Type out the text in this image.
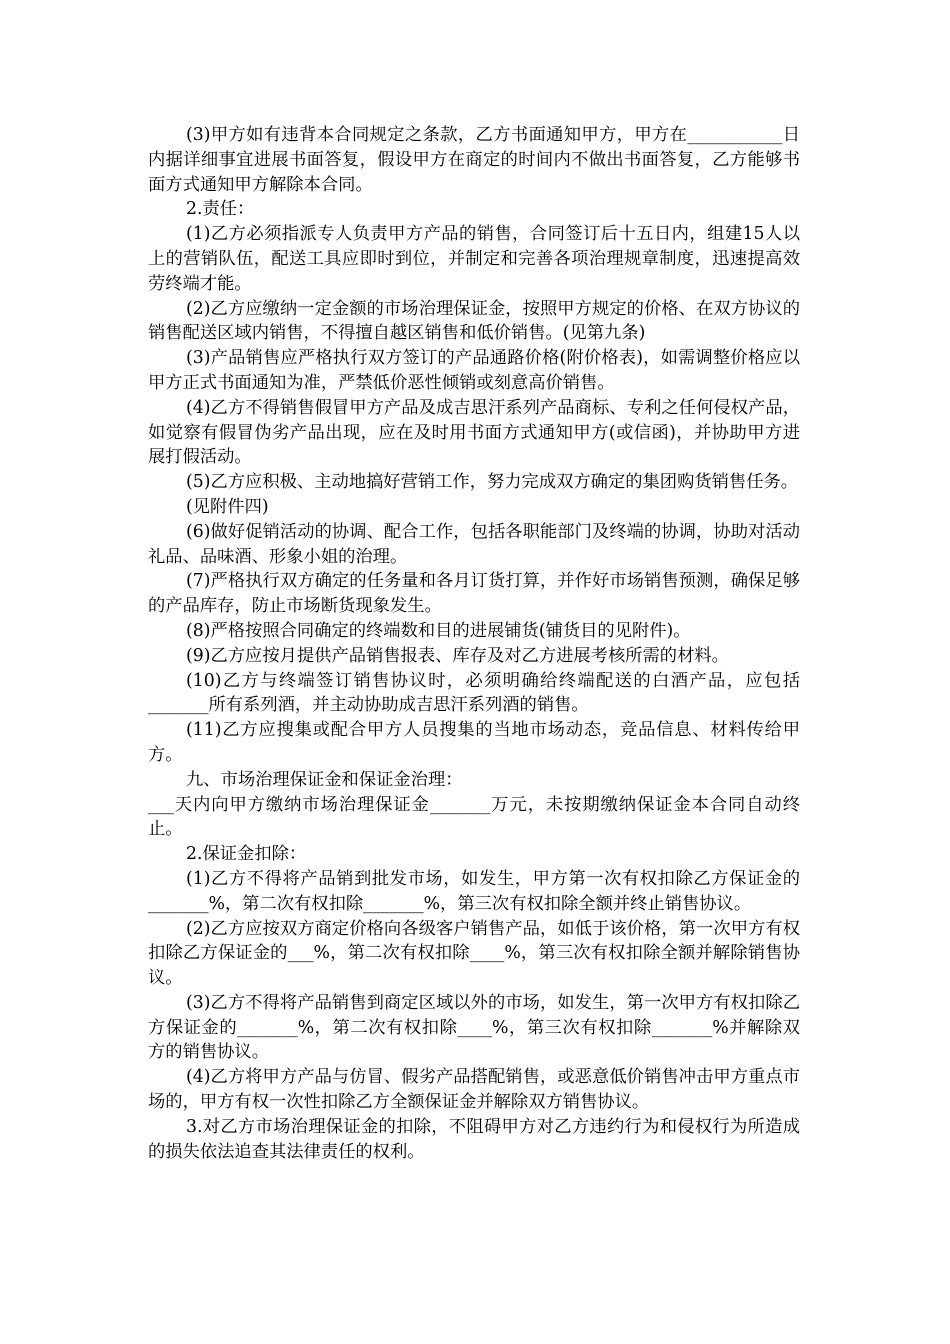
(3)甲方如有违背本合同规定之条款，乙方书面通知甲方，甲方在___________日内据详细事宜进展书面答复，假设甲方在商定的时间内不做出书面答复，乙方能够书面方式通知甲方解除本合同。

2.责任：

(1)乙方必须指派专人负责甲方产品的销售，合同签订后十五日内，组建15人以上的营销队伍，配送工具应即时到位，并制定和完善各项治理规章制度，迅速提高效劳终端才能。

(2)乙方应缴纳一定金额的市场治理保证金，按照甲方规定的价格、在双方协议的销售配送区域内销售，不得擅自越区销售和低价销售。(见第九条)

(3)产品销售应严格执行双方签订的产品通路价格(附价格表)，如需调整价格应以甲方正式书面通知为准，严禁低价恶性倾销或刻意高价销售。

(4)乙方不得销售假冒甲方产品及成吉思汗系列产品商标、专利之任何侵权产品，如觉察有假冒伪劣产品出现，应在及时用书面方式通知甲方(或信函)，并协助甲方进展打假活动。

(5)乙方应积极、主动地搞好营销工作，努力完成双方确定的集团购货销售任务。

(见附件四)

(6)做好促销活动的协调、配合工作，包括各职能部门及终端的协调，协助对活动礼品、品味酒、形象小姐的治理。

(7)严格执行双方确定的任务量和各月订货打算，并作好市场销售预测，确保足够的产品库存，防止市场断货现象发生。

(8)严格按照合同确定的终端数和目的进展铺货(铺货目的见附件)。

(9)乙方应按月提供产品销售报表、库存及对乙方进展考核所需的材料。

(10)乙方与终端签订销售协议时，必须明确给终端配送的白酒产品，应包括_______所有系列酒，并主动协助成吉思汗系列酒的销售。

(11)乙方应搜集或配合甲方人员搜集的当地市场动态，竞品信息、材料传给甲方。

九、市场治理保证金和保证金治理：

___天内向甲方缴纳市场治理保证金_______万元，未按期缴纳保证金本合同自动终止。

2.保证金扣除：

(1)乙方不得将产品销到批发市场，如发生，甲方第一次有权扣除乙方保证金的_______%，第二次有权扣除_______%，第三次有权扣除全额并终止销售协议。

(2)乙方应按双方商定价格向各级客户销售产品，如低于该价格，第一次甲方有权扣除乙方保证金的___%，第二次有权扣除____%，第三次有权扣除全额并解除销售协议。

(3)乙方不得将产品销售到商定区域以外的市场，如发生，第一次甲方有权扣除乙方保证金的_______%，第二次有权扣除____%，第三次有权扣除_______%并解除双方的销售协议。

(4)乙方将甲方产品与仿冒、假劣产品搭配销售，或恶意低价销售冲击甲方重点市场的，甲方有权一次性扣除乙方全额保证金并解除双方销售协议。

3.对乙方市场治理保证金的扣除，不阻碍甲方对乙方违约行为和侵权行为所造成的损失依法追查其法律责任的权利。
